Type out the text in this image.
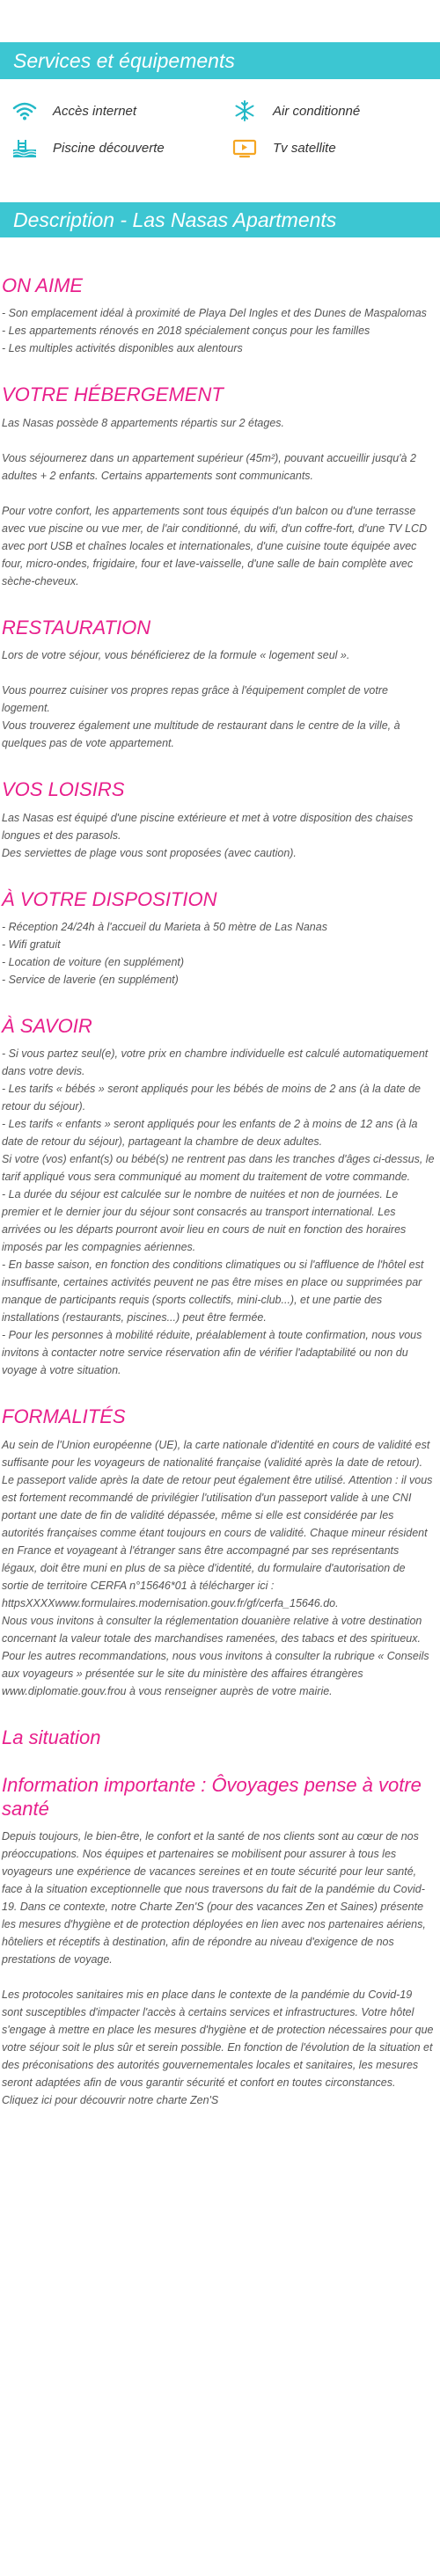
Services et équipements
Accès internet	Air conditionné
Piscine découverte	Tv satellite
Description - Las Nasas Apartments
ON AIME

- Son emplacement idéal à proximité de Playa Del Ingles et des Dunes de Maspalomas
- Les appartements rénovés en 2018 spécialement conçus pour les familles
- Les multiples activités disponibles aux alentours

VOTRE HÉBERGEMENT

Las Nasas possède 8 appartements répartis sur 2 étages.

Vous séjournerez dans un appartement supérieur (45m²), pouvant accueillir jusqu'à 2 adultes + 2 enfants. Certains appartements sont communicants.

Pour votre confort, les appartements sont tous équipés d'un balcon ou d'une terrasse avec vue piscine ou vue mer, de l'air conditionné, du wifi, d'un coffre-fort, d'une TV LCD avec port USB et chaînes locales et internationales, d'une cuisine toute équipée avec four, micro-ondes, frigidaire, four et lave-vaisselle, d'une salle de bain complète avec sèche-cheveux.

RESTAURATION

Lors de votre séjour, vous bénéficierez de la formule « logement seul ».

Vous pourrez cuisiner vos propres repas grâce à l'équipement complet de votre logement.
Vous trouverez également une multitude de restaurant dans le centre de la ville, à quelques pas de vote appartement.

VOS LOISIRS

Las Nasas est équipé d'une piscine extérieure et met à votre disposition des chaises longues et des parasols.
Des serviettes de plage vous sont proposées (avec caution).

À VOTRE DISPOSITION

- Réception 24/24h à l'accueil du Marieta à 50 mètre de Las Nanas
- Wifi gratuit
- Location de voiture (en supplément)
- Service de laverie (en supplément)

À SAVOIR

- Si vous partez seul(e), votre prix en chambre individuelle est calculé automatiquement dans votre devis.
- Les tarifs « bébés » seront appliqués pour les bébés de moins de 2 ans (à la date de retour du séjour).
- Les tarifs « enfants » seront appliqués pour les enfants de 2 à moins de 12 ans (à la date de retour du séjour), partageant la chambre de deux adultes.
Si votre (vos) enfant(s) ou bébé(s) ne rentrent pas dans les tranches d'âges ci-dessus, le tarif appliqué vous sera communiqué au moment du traitement de votre commande.
- La durée du séjour est calculée sur le nombre de nuitées et non de journées. Le premier et le dernier jour du séjour sont consacrés au transport international. Les arrivées ou les départs pourront avoir lieu en cours de nuit en fonction des horaires imposés par les compagnies aériennes.
- En basse saison, en fonction des conditions climatiques ou si l'affluence de l'hôtel est insuffisante, certaines activités peuvent ne pas être mises en place ou supprimées par manque de participants requis (sports collectifs, mini-club...), et une partie des installations (restaurants, piscines...) peut être fermée.
- Pour les personnes à mobilité réduite, préalablement à toute confirmation, nous vous invitons à contacter notre service réservation afin de vérifier l'adaptabilité ou non du voyage à votre situation.

FORMALITÉS

Au sein de l'Union européenne (UE), la carte nationale d'identité en cours de validité est suffisante pour les voyageurs de nationalité française (validité après la date de retour). Le passeport valide après la date de retour peut également être utilisé. Attention : il vous est fortement recommandé de privilégier l'utilisation d'un passeport valide à une CNI portant une date de fin de validité dépassée, même si elle est considérée par les autorités françaises comme étant toujours en cours de validité. Chaque mineur résident en France et voyageant à l'étranger sans être accompagné par ses représentants légaux, doit être muni en plus de sa pièce d'identité, du formulaire d'autorisation de sortie de territoire CERFA n°15646*01 à télécharger ici : httpsXXXXwww.formulaires.modernisation.gouv.fr/gf/cerfa_15646.do.
Nous vous invitons à consulter la réglementation douanière relative à votre destination concernant la valeur totale des marchandises ramenées, des tabacs et des spiritueux.
Pour les autres recommandations, nous vous invitons à consulter la rubrique « Conseils aux voyageurs » présentée sur le site du ministère des affaires étrangères www.diplomatie.gouv.frou à vous renseigner auprès de votre mairie.

La situation
Information importante : Ôvoyages pense à votre santé

Depuis toujours, le bien-être, le confort et la santé de nos clients sont au cœur de nos préoccupations. Nos équipes et partenaires se mobilisent pour assurer à tous les voyageurs une expérience de vacances sereines et en toute sécurité pour leur santé, face à la situation exceptionnelle que nous traversons du fait de la pandémie du Covid-19. Dans ce contexte, notre Charte Zen'S (pour des vacances Zen et Saines) présente les mesures d'hygiène et de protection déployées en lien avec nos partenaires aériens, hôteliers et réceptifs à destination, afin de répondre au niveau d'exigence de nos prestations de voyage.

Les protocoles sanitaires mis en place dans le contexte de la pandémie du Covid-19 sont susceptibles d'impacter l'accès à certains services et infrastructures. Votre hôtel s'engage à mettre en place les mesures d'hygiène et de protection nécessaires pour que votre séjour soit le plus sûr et serein possible. En fonction de l'évolution de la situation et des préconisations des autorités gouvernementales locales et sanitaires, les mesures seront adaptées afin de vous garantir sécurité et confort en toutes circonstances.
Cliquez ici pour découvrir notre charte Zen'S
